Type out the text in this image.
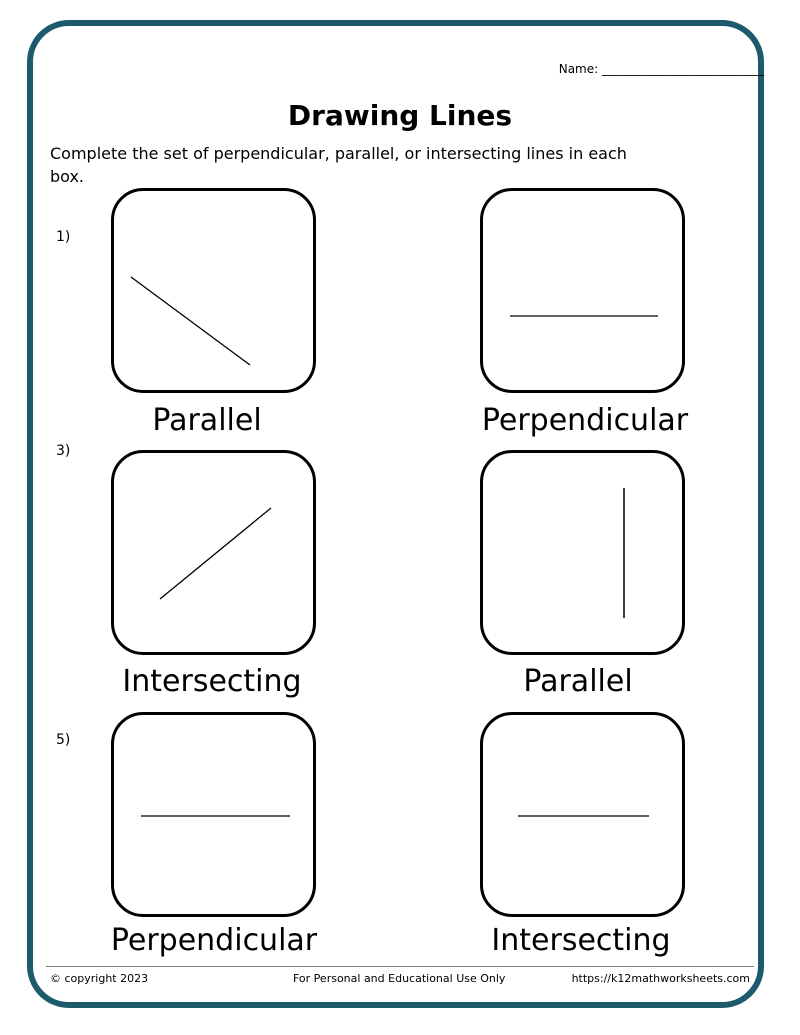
Name: ___________________________
Drawing Lines
Complete the set of perpendicular, parallel, or intersecting lines in each box.
1)
Parallel	Perpendicular
3)
Intersecting	Parallel
5)
Perpendicular	Intersecting
© copyright 2023	For Personal and Educational Use Only	https://k12mathworksheets.com
